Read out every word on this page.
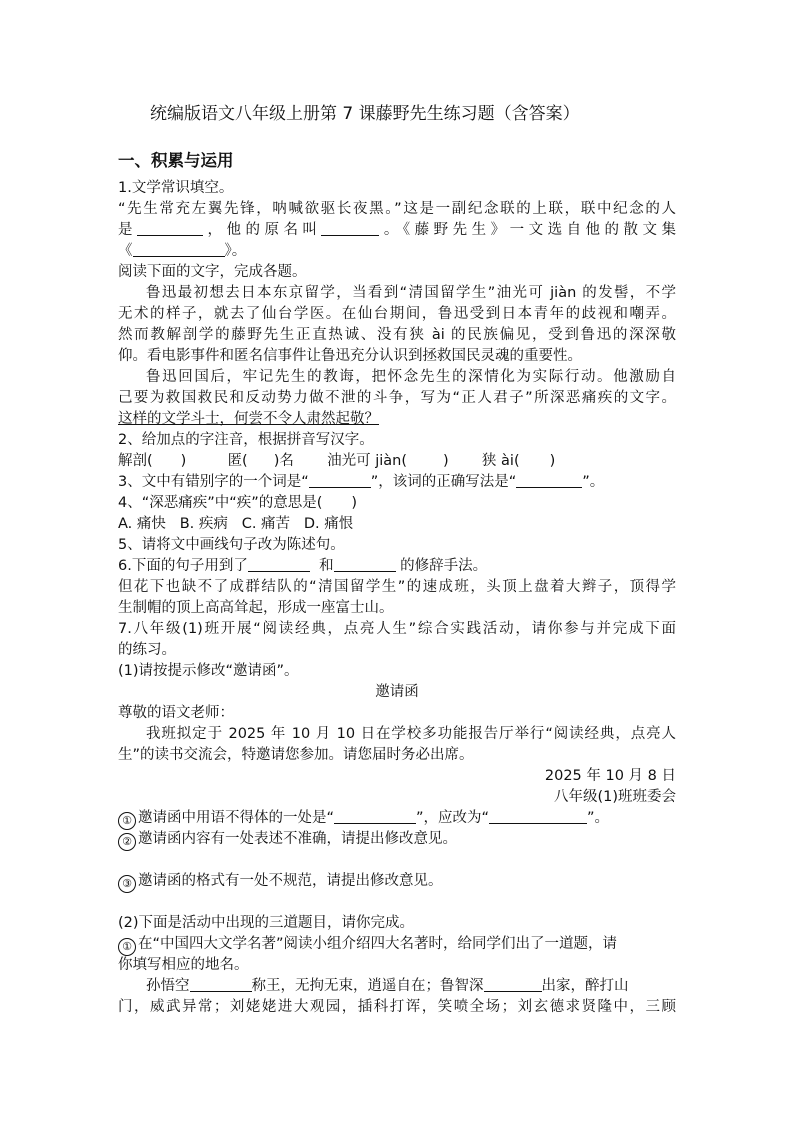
统编版语文八年级上册第 7 课藤野先生练习题（含答案）
一、积累与运用
1.文学常识填空。
“先生常充左翼先锋，呐喊欲驱长夜黑。”这是一副纪念联的上联，联中纪念的人
是	，他的原名叫	。《藤野先生》一文选自他的散文集
《	》。
阅读下面的文字，完成各题。
鲁迅最初想去日本东京留学，当看到“清国留学生”油光可 jiàn 的发髻，不学
无术的样子，就去了仙台学医。在仙台期间，鲁迅受到日本青年的歧视和嘲弄。
然而教解剖学的藤野先生正直热诚、没有狭 ài 的民族偏见，受到鲁迅的深深敬
仰。看电影事件和匿名信事件让鲁迅充分认识到拯救国民灵魂的重要性。
鲁迅回国后，牢记先生的教诲，把怀念先生的深情化为实际行动。他激励自
己要为救国救民和反动势力做不泄的斗争，写为“正人君子”所深恶痛疾的文字。
这样的文学斗士，何尝不令人肃然起敬？
2、给加点的字注音，根据拼音写汉字。
解剖( )	匿( )名 油光可 jiàn( ) 狭 ài( )
3、文中有错别字的一个词是“	”，该词的正确写法是“	”。
4、“深恶痛疾”中“疾”的意思是(　　)
A. 痛快 B. 疾病 C. 痛苦 D. 痛恨
5、请将文中画线句子改为陈述句。
6.下面的句子用到了	和	的修辞手法。
但花下也缺不了成群结队的“清国留学生”的速成班，头顶上盘着大辫子，顶得学
生制帽的顶上高高耸起，形成一座富士山。
7.八年级(1)班开展“阅读经典，点亮人生”综合实践活动，请你参与并完成下面
的练习。
(1)请按提示修改“邀请函”。
邀请函
尊敬的语文老师：
我班拟定于 2025 年 10 月 10 日在学校多功能报告厅举行“阅读经典，点亮人
生”的读书交流会，特邀请您参加。请您届时务必出席。
2025 年 10 月 8 日
八年级(1)班班委会
① 邀请函中用语不得体的一处是“	”，应改为“	”。
② 邀请函内容有一处表述不准确，请提出修改意见。
③ 邀请函的格式有一处不规范，请提出修改意见。
(2)下面是活动中出现的三道题目，请你完成。
① 在“中国四大文学名著”阅读小组介绍四大名著时，给同学们出了一道题，请
你填写相应的地名。
孙悟空	称王，无拘无束，逍遥自在；鲁智深	出家，醉打山
门，威武异常；刘姥姥进大观园，插科打诨，笑喷全场；刘玄德求贤隆中，三顾
